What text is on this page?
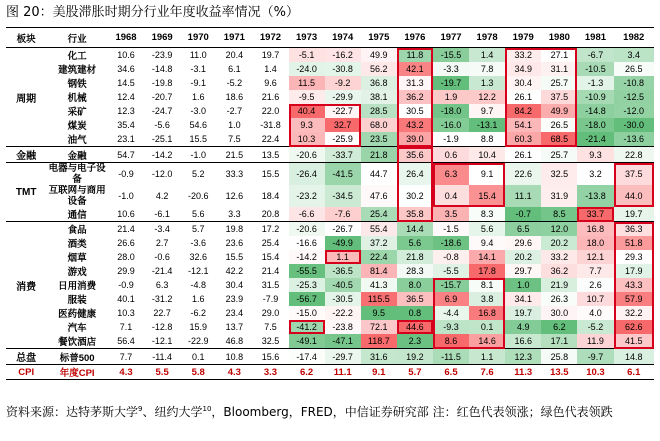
图 20：美股滞胀时期分行业年度收益率情况（%）
板块	行业	1968	1969	1970	1971	1972	1973	1974	1975	1976	1977	1978	1979	1980	1981	1982
周期	化工	10.6	-23.9	11.0	20.4	19.7	-5.1	-16.2	49.9	11.8	-15.5	1.4	33.2	27.1	-6.7	3.4
	建筑建材	34.6	-14.8	-3.1	6.1	1.4	-24.0	-30.8	56.2	42.1	-3.3	7.8	34.9	31.1	-10.5	26.5
	钢铁	14.5	-19.8	-9.1	-5.2	9.6	11.5	-9.2	36.8	31.3	-19.7	1.3	30.4	25.7	-1.3	-10.8
	机械	12.4	-20.7	1.6	18.6	21.6	-9.5	-29.9	38.1	36.2	1.9	12.2	26.1	37.5	-10.9	-12.5
	采矿	12.3	-24.7	-3.0	-2.7	22.0	40.4	-22.7	28.5	30.5	-18.0	9.7	84.2	49.9	-14.8	-12.0
	煤炭	35.4	-5.6	54.6	1.0	-31.8	9.3	32.7	68.0	43.2	-16.0	-13.1	54.1	26.5	-18.0	-30.0
	油气	23.1	-25.1	15.5	7.5	22.4	10.3	-25.9	23.5	39.0	-1.9	8.8	60.3	68.5	-21.4	-13.6
金融	金融	54.7	-14.2	-1.0	21.5	13.5	-20.6	-33.7	21.8	35.6	0.6	10.4	26.1	25.7	9.3	22.8
TMT	电器与电子设备	-0.9	-12.0	5.2	33.3	15.5	-26.4	-41.5	44.7	26.4	6.3	9.1	22.6	32.5	3.2	37.5
	互联网与商用设备	-1.0	4.2	-20.6	12.6	18.4	-23.2	-34.5	47.6	30.2	0.4	15.4	11.1	31.9	-13.8	44.0
	通信	10.6	-6.1	5.6	3.3	20.8	-6.6	-7.6	25.4	35.8	3.5	8.3	-0.7	8.5	33.7	19.7
消费	食品	21.4	-3.4	5.7	19.8	17.2	-20.6	-26.7	55.4	14.4	-1.5	5.6	6.5	12.0	16.8	36.3
	酒类	26.6	2.7	-3.6	23.6	25.4	-16.6	-49.9	37.2	5.6	-18.6	9.4	29.6	20.2	18.0	51.8
	烟草	28.0	-0.6	32.6	15.5	15.4	-14.2	1.1	22.4	21.8	-0.8	14.1	20.2	33.2	12.1	29.3
	游戏	29.9	-21.4	-12.1	42.2	21.4	-55.5	-36.5	81.4	28.3	-5.5	17.8	29.7	36.2	7.7	17.9
	日用消费	-0.9	6.3	-4.8	30.4	31.5	-25.3	-40.5	41.3	8.0	-15.7	8.1	1.0	21.9	2.6	43.3
	服装	40.1	-31.2	1.6	23.9	-7.9	-56.7	-30.5	115.5	36.5	6.9	3.8	34.1	26.3	10.7	57.9
	医药健康	10.3	22.7	-6.2	23.4	29.0	-15.0	-22.2	9.5	0.8	-4.4	16.8	19.7	30.0	4.0	32.2
	汽车	7.1	-12.8	15.9	13.7	7.5	-41.2	-23.8	72.1	44.6	-9.3	0.1	4.9	6.2	-5.2	62.6
	餐饮酒店	56.4	-12.1	-22.9	46.8	32.5	-49.1	-47.1	118.7	2.3	8.6	14.6	16.6	17.1	11.9	41.5
总盘	标普500	7.7	-11.4	0.1	10.8	15.6	-17.4	-29.7	31.6	19.2	-11.5	1.1	12.3	25.8	-9.7	14.8
CPI	年度CPI	4.3	5.5	5.8	4.3	3.3	6.2	11.1	9.1	5.7	6.5	7.6	11.3	13.5	10.3	6.1
资料来源：达特茅斯大学$^9$、纽约大学$^{10}$，Bloomberg，FRED，中信证券研究部 注：红色代表领涨；绿色代表领跌
